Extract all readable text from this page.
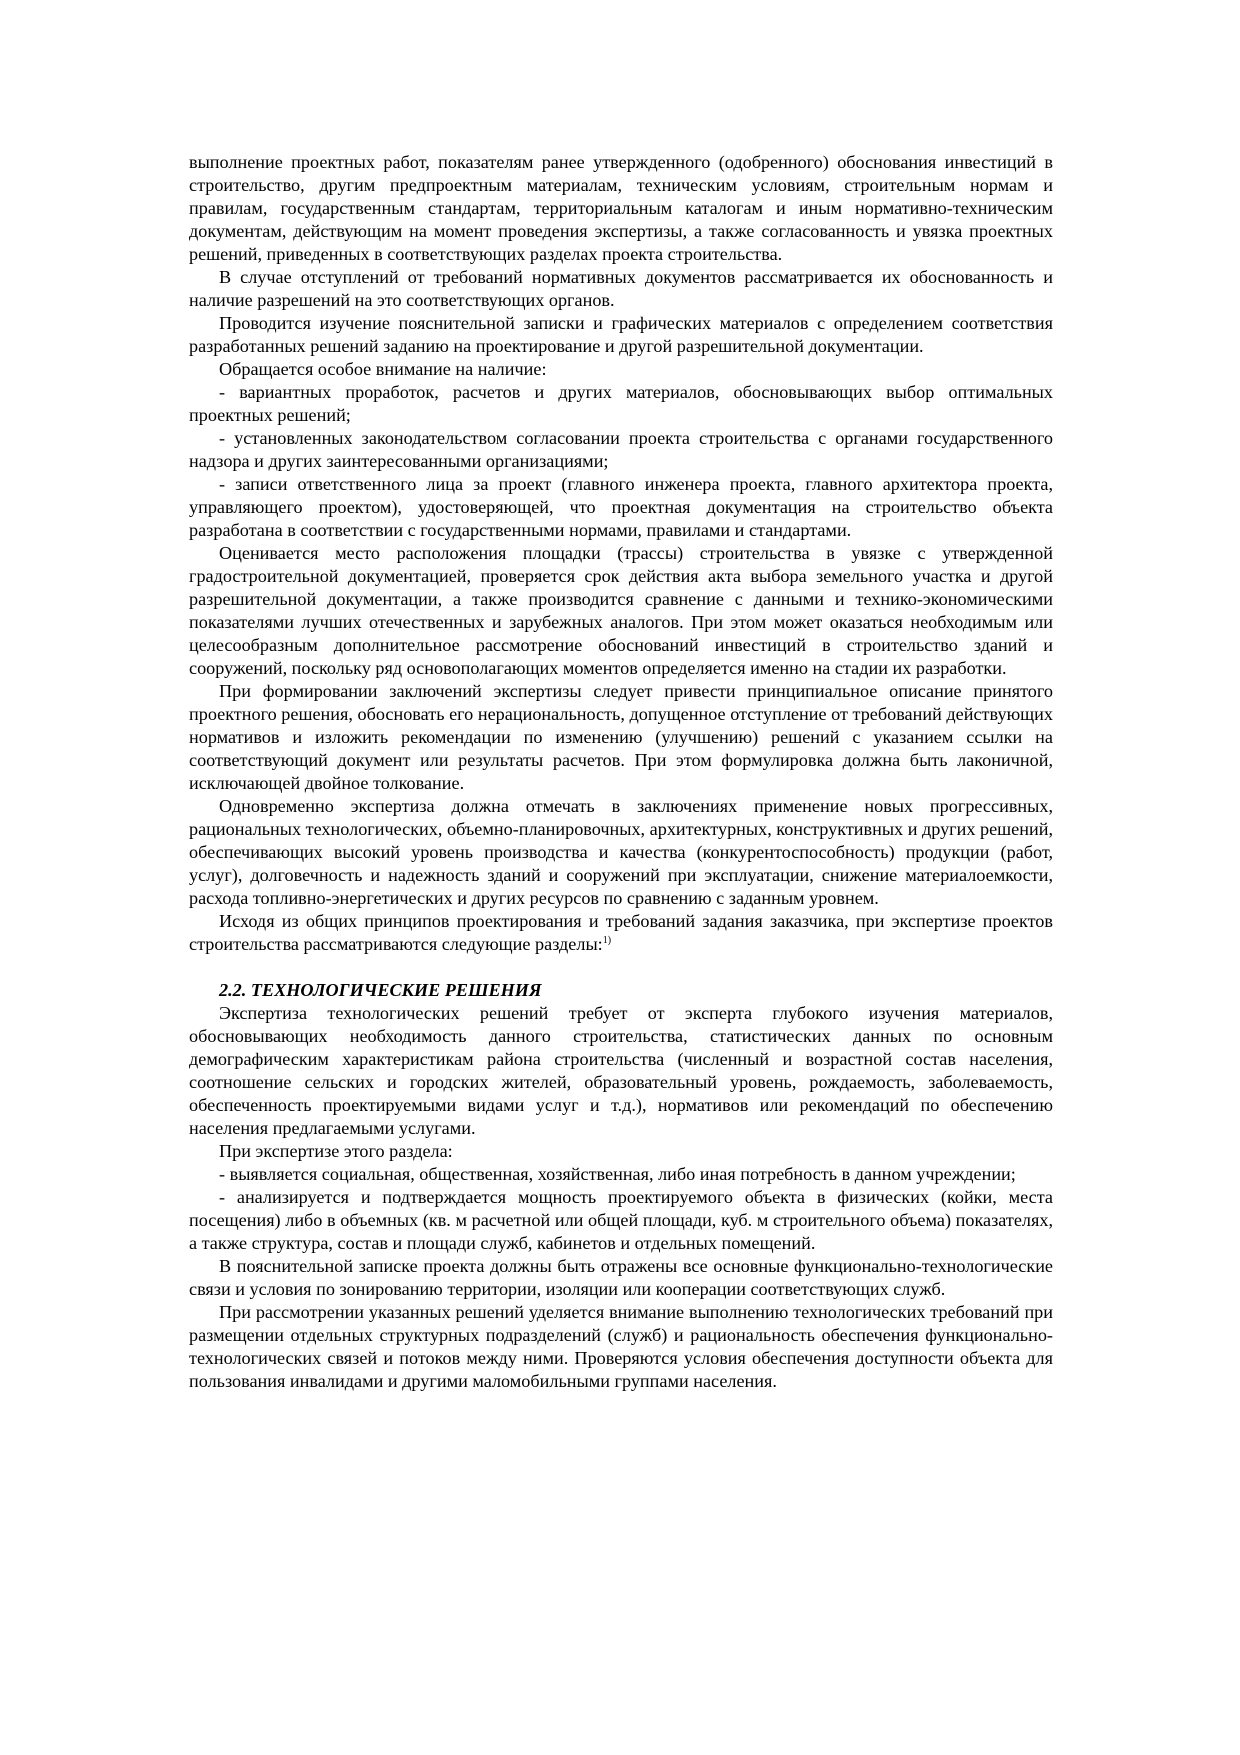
выполнение проектных работ, показателям ранее утвержденного (одобренного) обоснования инвестиций в строительство, другим предпроектным материалам, техническим условиям, строительным нормам и правилам, государственным стандартам, территориальным каталогам и иным нормативно-техническим документам, действующим на момент проведения экспертизы, а также согласованность и увязка проектных решений, приведенных в соответствующих разделах проекта строительства.

В случае отступлений от требований нормативных документов рассматривается их обоснованность и наличие разрешений на это соответствующих органов.

Проводится изучение пояснительной записки и графических материалов с определением соответствия разработанных решений заданию на проектирование и другой разрешительной документации.

Обращается особое внимание на наличие:

- вариантных проработок, расчетов и других материалов, обосновывающих выбор оптимальных проектных решений;

- установленных законодательством согласовании проекта строительства с органами государственного надзора и других заинтересованными организациями;

- записи ответственного лица за проект (главного инженера проекта, главного архитектора проекта, управляющего проектом), удостоверяющей, что проектная документация на строительство объекта разработана в соответствии с государственными нормами, правилами и стандартами.

Оценивается место расположения площадки (трассы) строительства в увязке с утвержденной градостроительной документацией, проверяется срок действия акта выбора земельного участка и другой разрешительной документации, а также производится сравнение с данными и технико-экономическими показателями лучших отечественных и зарубежных аналогов. При этом может оказаться необходимым или целесообразным дополнительное рассмотрение обоснований инвестиций в строительство зданий и сооружений, поскольку ряд основополагающих моментов определяется именно на стадии их разработки.

При формировании заключений экспертизы следует привести принципиальное описание принятого проектного решения, обосновать его нерациональность, допущенное отступление от требований действующих нормативов и изложить рекомендации по изменению (улучшению) решений с указанием ссылки на соответствующий документ или результаты расчетов. При этом формулировка должна быть лаконичной, исключающей двойное толкование.

Одновременно экспертиза должна отмечать в заключениях применение новых прогрессивных, рациональных технологических, объемно-планировочных, архитектурных, конструктивных и других решений, обеспечивающих высокий уровень производства и качества (конкурентоспособность) продукции (работ, услуг), долговечность и надежность зданий и сооружений при эксплуатации, снижение материалоемкости, расхода топливно-энергетических и других ресурсов по сравнению с заданным уровнем.

Исходя из общих принципов проектирования и требований задания заказчика, при экспертизе проектов строительства рассматриваются следующие разделы:$^{1)}$

2.2. ТЕХНОЛОГИЧЕСКИЕ РЕШЕНИЯ

Экспертиза технологических решений требует от эксперта глубокого изучения материалов, обосновывающих необходимость данного строительства, статистических данных по основным демографическим характеристикам района строительства (численный и возрастной состав населения, соотношение сельских и городских жителей, образовательный уровень, рождаемость, заболеваемость, обеспеченность проектируемыми видами услуг и т.д.), нормативов или рекомендаций по обеспечению населения предлагаемыми услугами.

При экспертизе этого раздела:

- выявляется социальная, общественная, хозяйственная, либо иная потребность в данном учреждении;

- анализируется и подтверждается мощность проектируемого объекта в физических (койки, места посещения) либо в объемных (кв. м расчетной или общей площади, куб. м строительного объема) показателях, а также структура, состав и площади служб, кабинетов и отдельных помещений.

В пояснительной записке проекта должны быть отражены все основные функционально-технологические связи и условия по зонированию территории, изоляции или кооперации соответствующих служб.

При рассмотрении указанных решений уделяется внимание выполнению технологических требований при размещении отдельных структурных подразделений (служб) и рациональность обеспечения функционально-технологических связей и потоков между ними. Проверяются условия обеспечения доступности объекта для пользования инвалидами и другими маломобильными группами населения.
